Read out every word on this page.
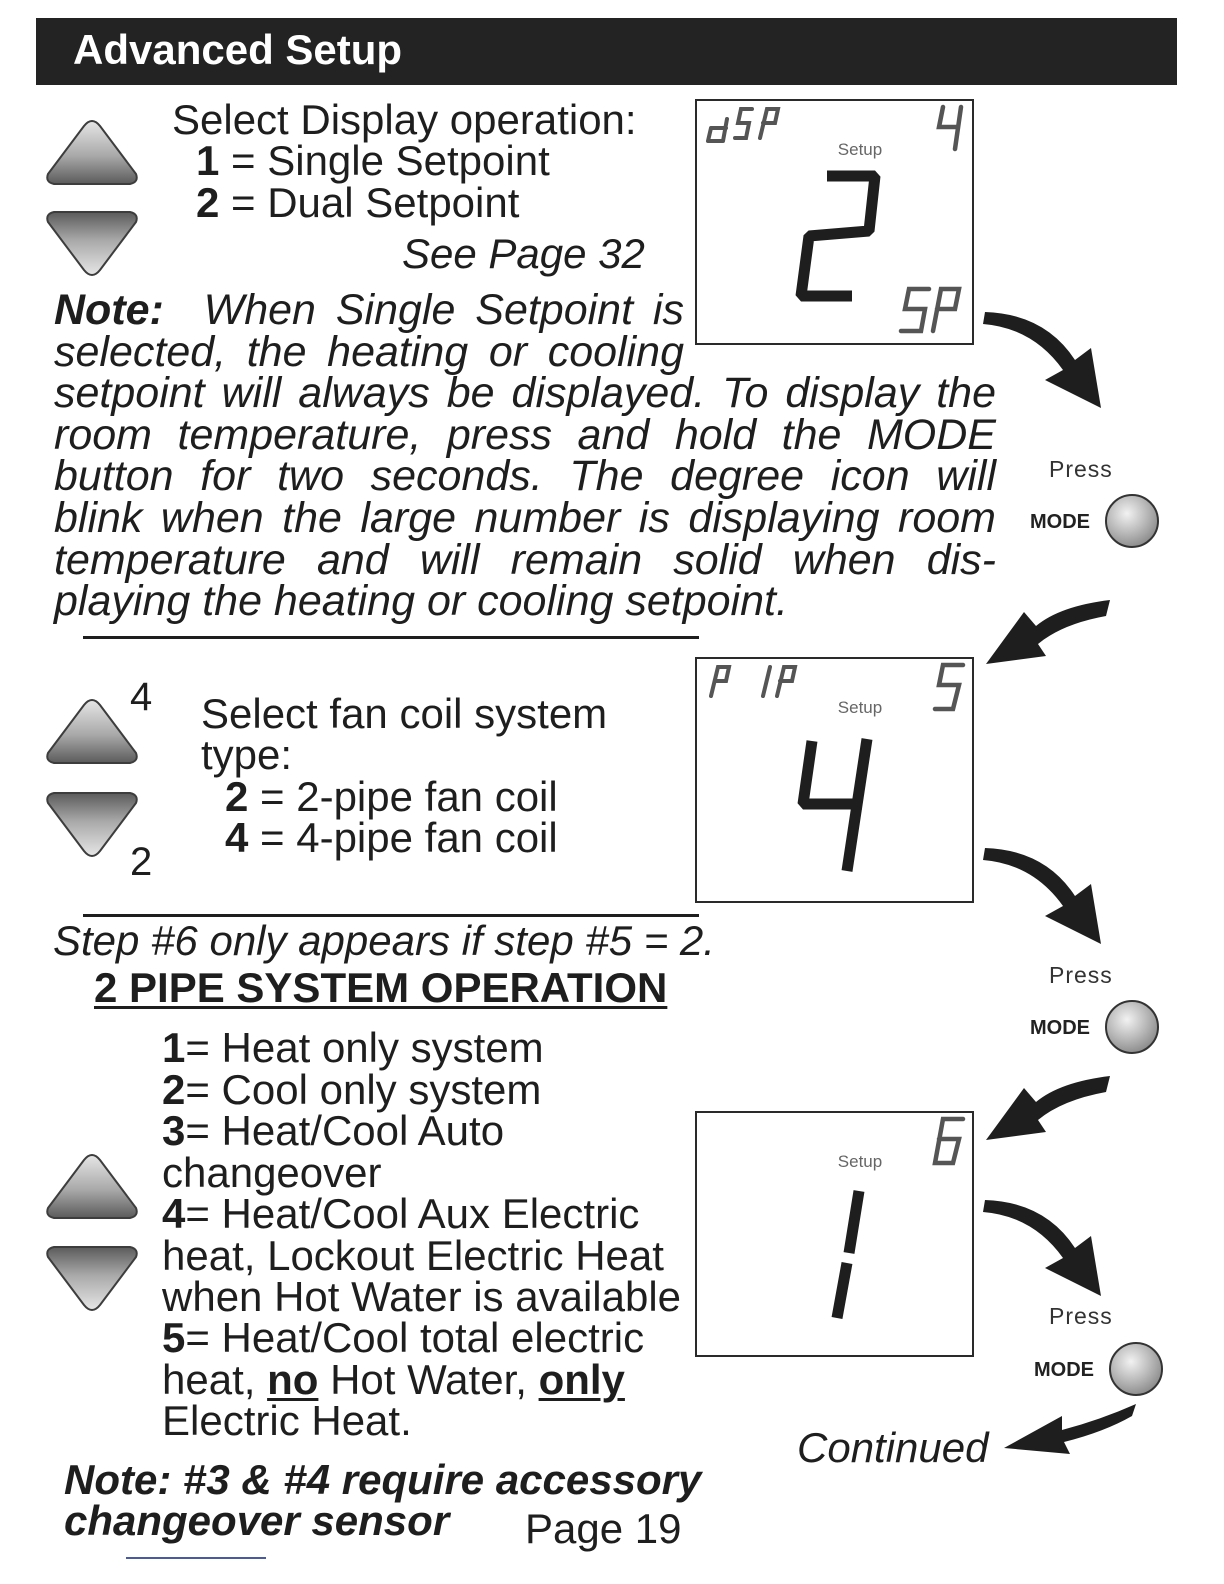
Advanced Setup
Select Display operation:
1 = Single Setpoint
2 = Dual Setpoint
See Page 32
Setup
Note: When Single Setpoint is
selected, the heating or cooling
setpoint will always be displayed. To display the
room temperature, press and hold the MODE
button for two seconds. The degree icon will
blink when the large number is displaying room
temperature and will remain solid when dis-
playing the heating or cooling setpoint.
4
2
Select fan coil system
type:
2 = 2-pipe fan coil
4 = 4-pipe fan coil
Setup
Step #6 only appears if step #5 = 2.
2 PIPE SYSTEM OPERATION
1= Heat only system
2= Cool only system
3= Heat/Cool Auto
changeover
4= Heat/Cool Aux Electric
heat, Lockout Electric Heat
when Hot Water is available
5= Heat/Cool total electric
heat, no Hot Water, only
Electric Heat.
Setup
Note: #3 & #4 require accessory
changeover sensor
Press
MODE
Press
MODE
Press
MODE
Continued
Page 19
